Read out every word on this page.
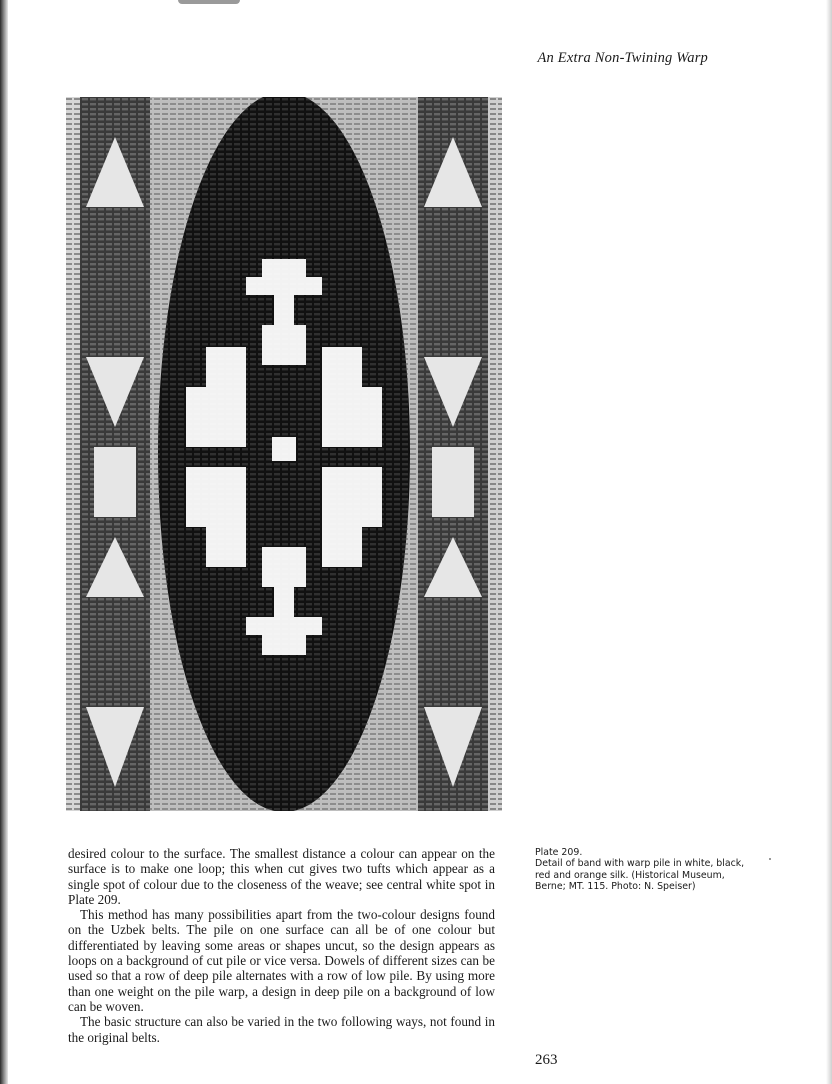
An Extra Non-Twining Warp

desired colour to the surface. The smallest distance a colour can appear on the surface is to make one loop; this when cut gives two tufts which appear as a single spot of colour due to the closeness of the weave; see central white spot in Plate 209.

This method has many possibilities apart from the two-colour designs found on the Uzbek belts. The pile on one surface can all be of one colour but differentiated by leaving some areas or shapes uncut, so the design appears as loops on a background of cut pile or vice versa. Dowels of different sizes can be used so that a row of deep pile alternates with a row of low pile. By using more than one weight on the pile warp, a design in deep pile on a background of low can be woven.

The basic structure can also be varied in the two following ways, not found in the original belts.

Plate 209.
Detail of band with warp pile in white, black, red and orange silk. (Historical Museum, Berne; MT. 115. Photo: N. Speiser)
263
